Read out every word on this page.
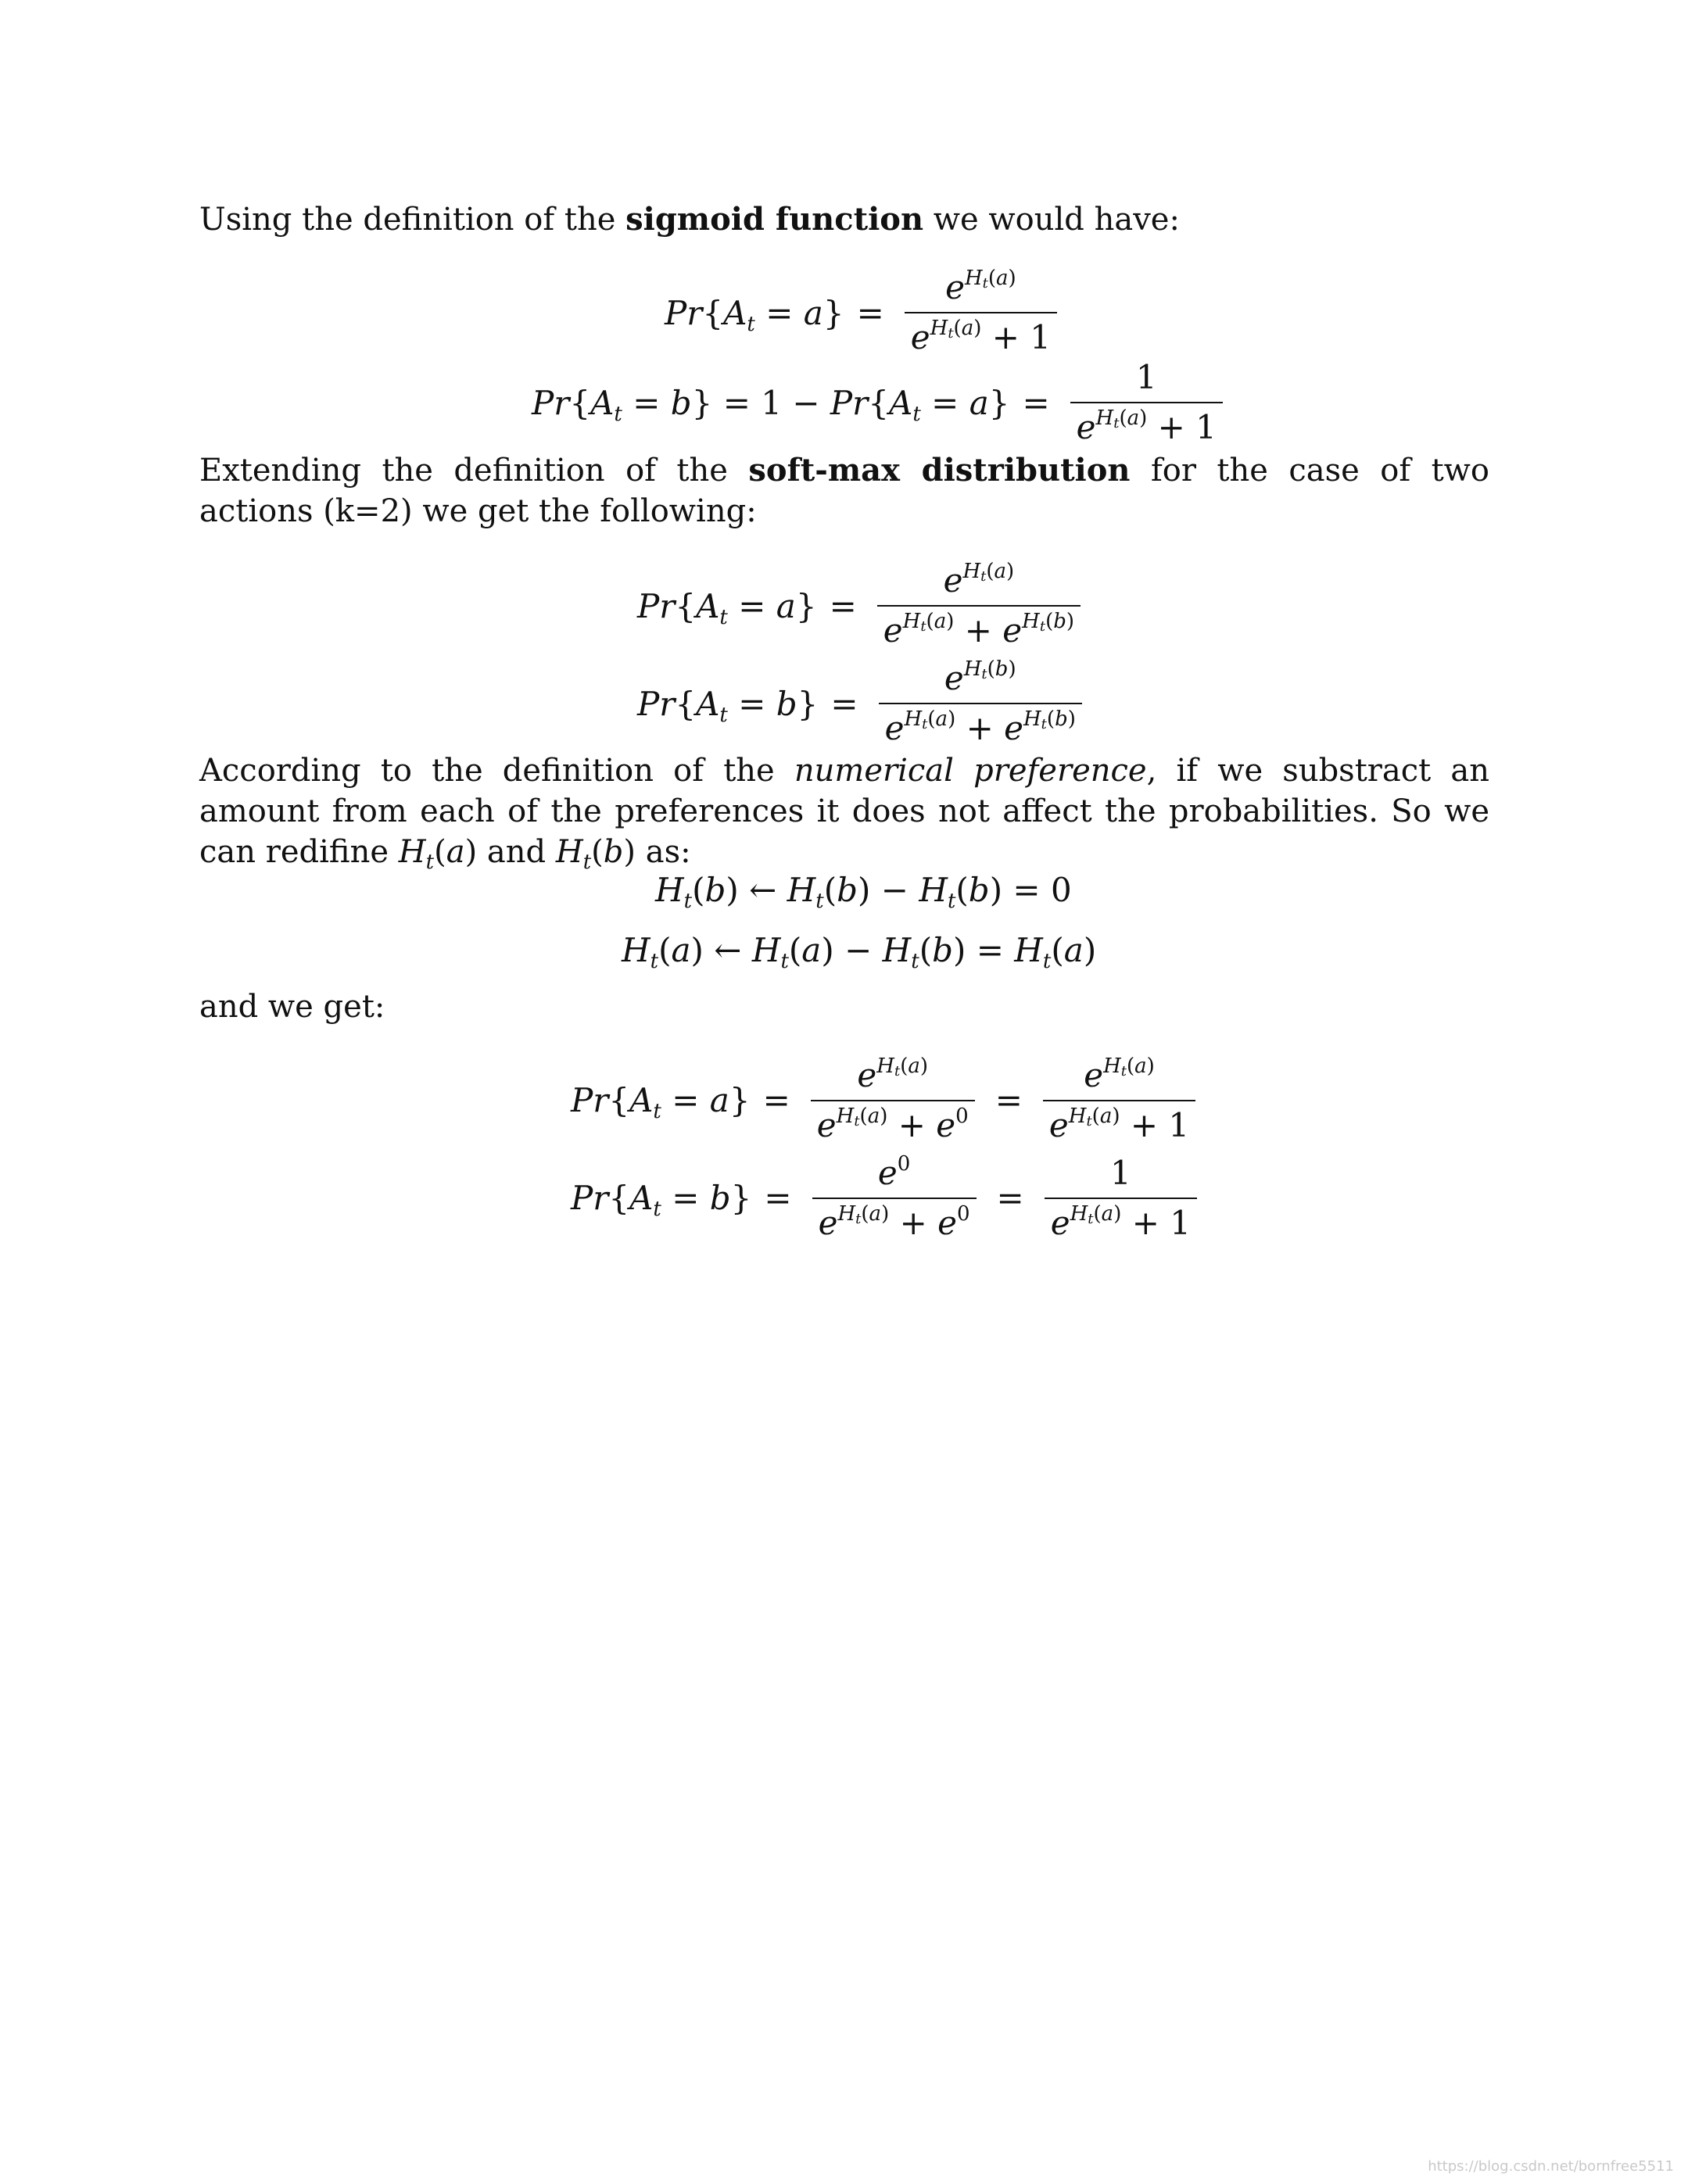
Using the definition of the sigmoid function we would have:
$Pr\{A_t = a\} = \frac{e^{H_t(a)}}{e^{H_t(a)} + 1}$
$Pr\{A_t = b\} = 1 - Pr\{A_t = a\} = \frac{1}{e^{H_t(a)} + 1}$
Extending the definition of the soft-max distribution for the case of two actions (k=2) we get the following:
$Pr\{A_t = a\} = \frac{e^{H_t(a)}}{e^{H_t(a)} + e^{H_t(b)}}$
$Pr\{A_t = b\} = \frac{e^{H_t(b)}}{e^{H_t(a)} + e^{H_t(b)}}$
According to the definition of the numerical preference, if we substract an amount from each of the preferences it does not affect the probabilities. So we can redifine $H_t(a)$ and $H_t(b)$ as:
$H_t(b)$ ← $H_t(b) - H_t(b) = 0$
$H_t(a)$ ← $H_t(a) - H_t(b) = H_t(a)$
and we get:
$Pr\{A_t = a\} = \frac{e^{H_t(a)}}{e^{H_t(a)} + e^0} = \frac{e^{H_t(a)}}{e^{H_t(a)} + 1}$
$Pr\{A_t = b\} = \frac{e^0}{e^{H_t(a)} + e^0} = \frac{1}{e^{H_t(a)} + 1}$
https://blog.csdn.net/bornfree5511
